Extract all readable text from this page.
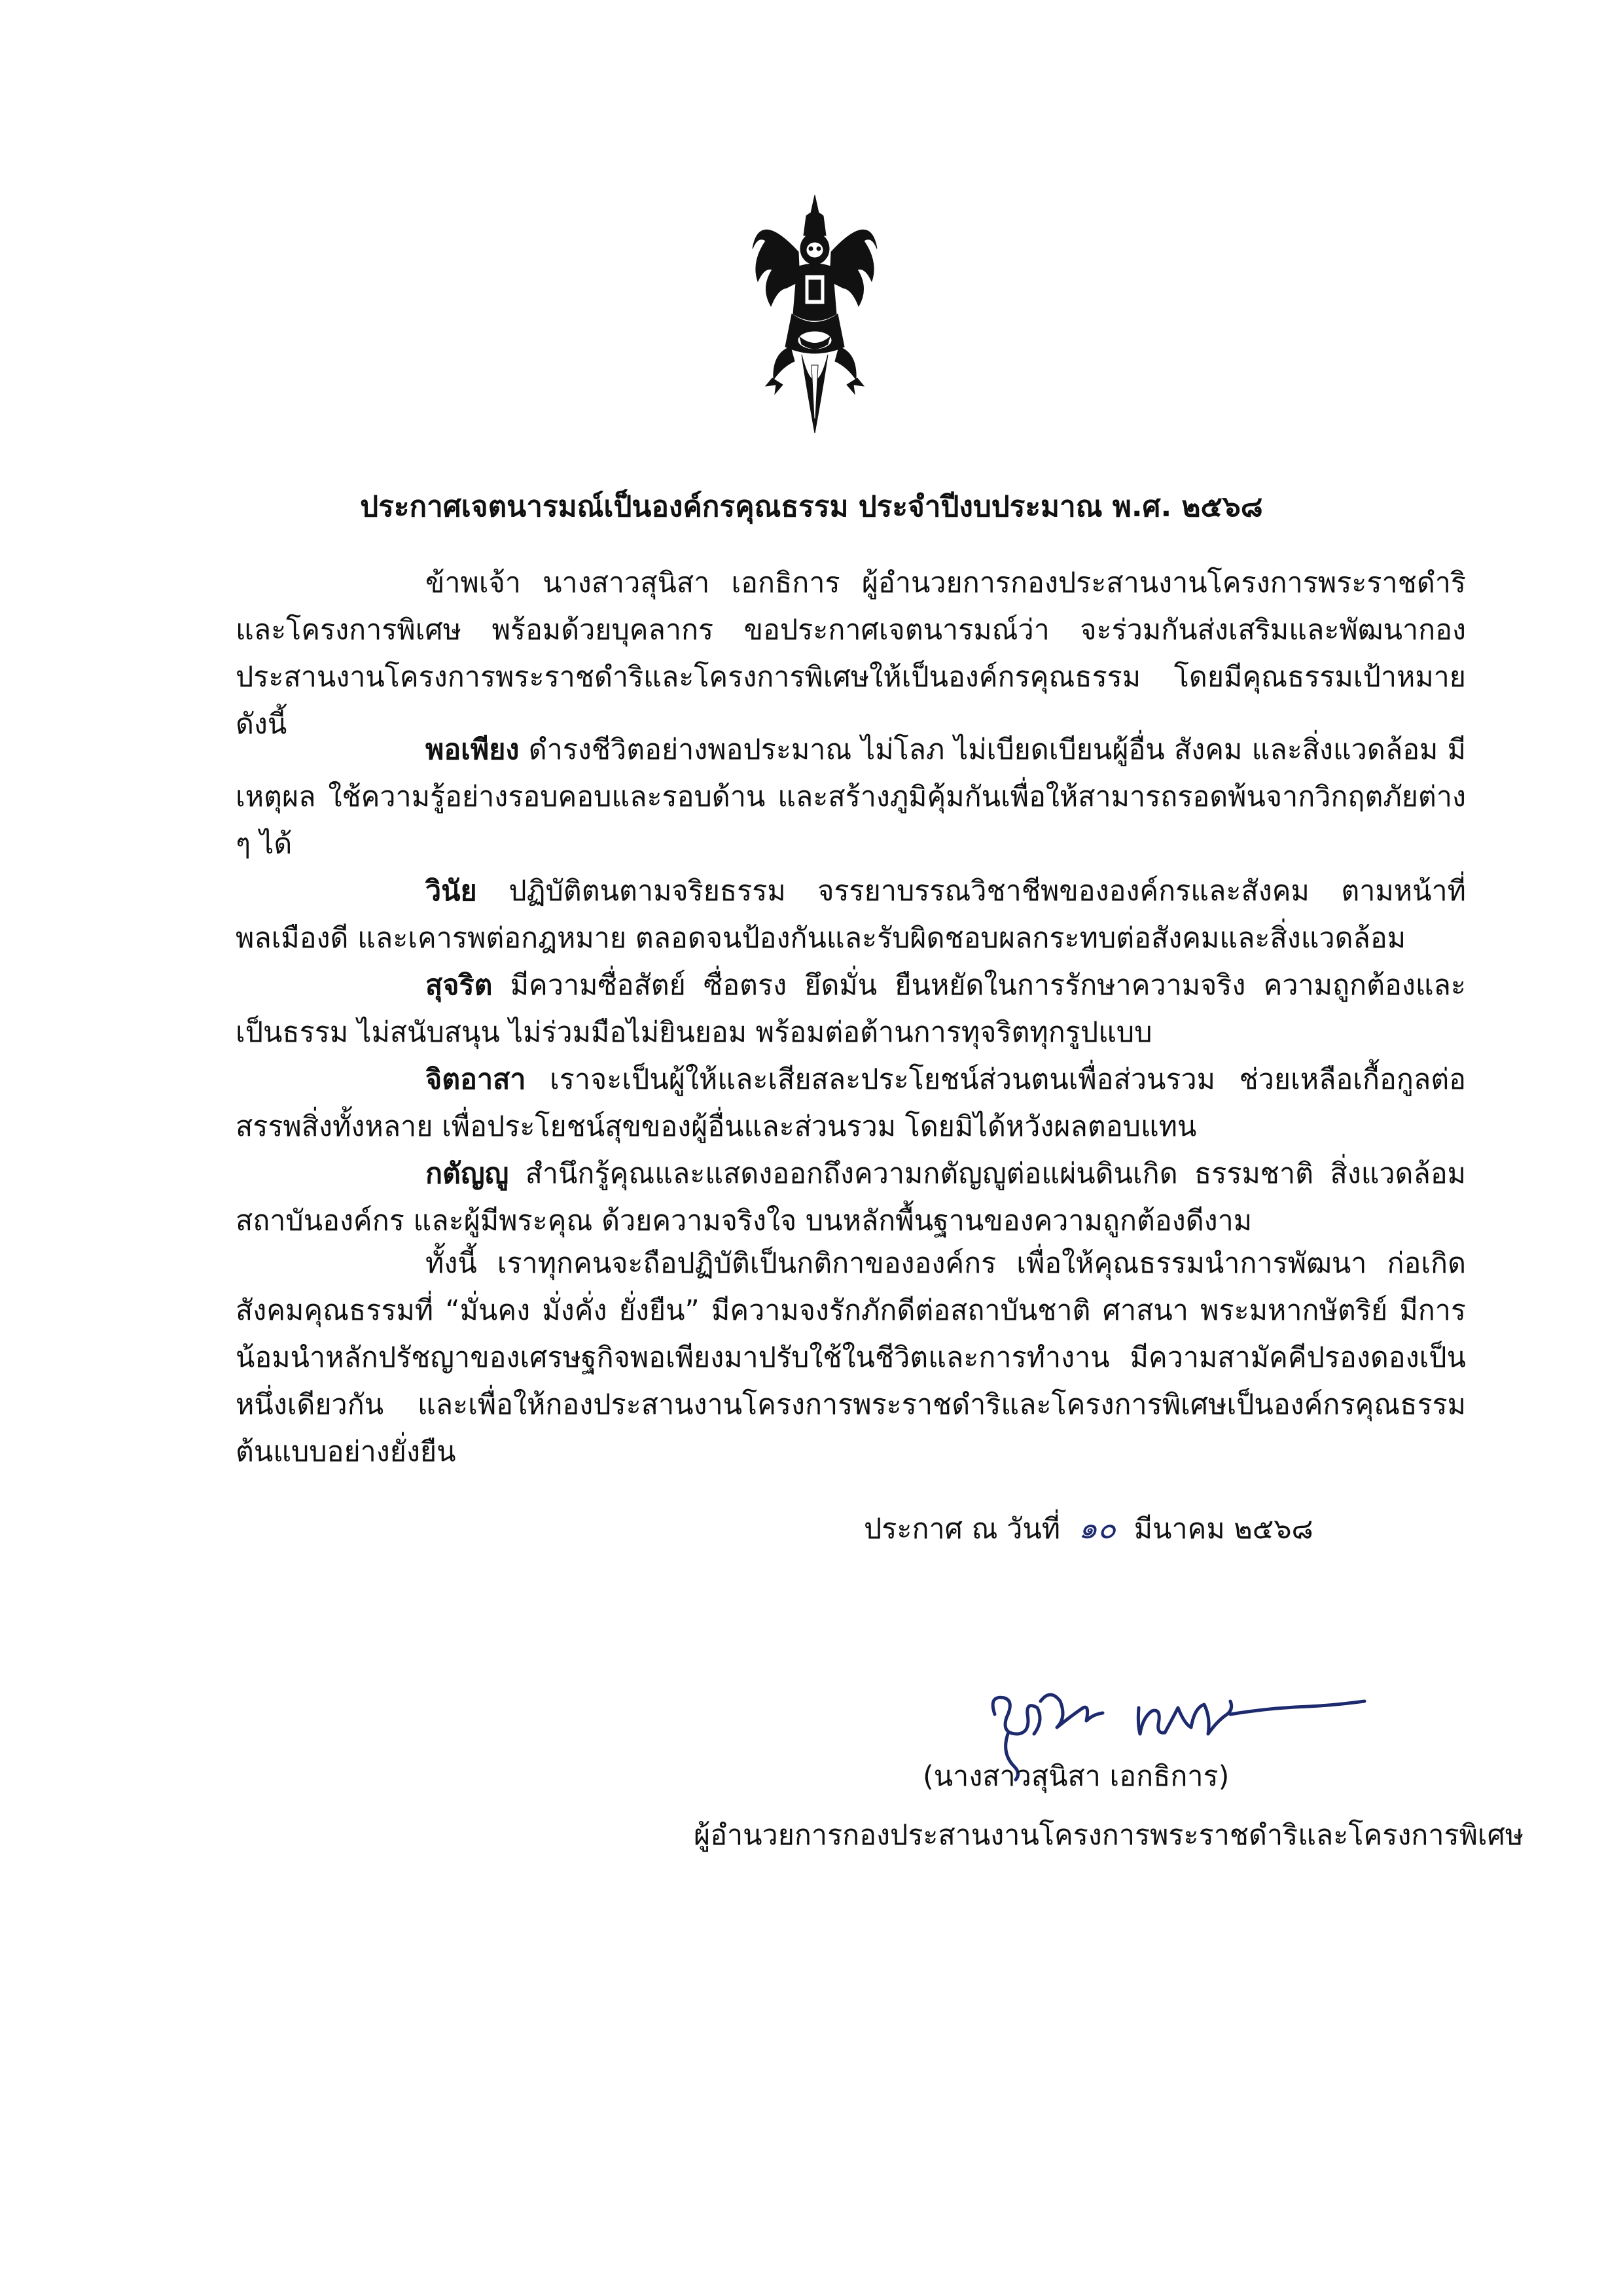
ประกาศเจตนารมณ์เป็นองค์กรคุณธรรม ประจำปีงบประมาณ พ.ศ. ๒๕๖๘

ข้าพเจ้า นางสาวสุนิสา เอกธิการ ผู้อำนวยการกองประสานงานโครงการพระราชดำริและโครงการพิเศษ พร้อมด้วยบุคลากร ขอประกาศเจตนารมณ์ว่า จะร่วมกันส่งเสริมและพัฒนากองประสานงานโครงการพระราชดำริและโครงการพิเศษให้เป็นองค์กรคุณธรรม โดยมีคุณธรรมเป้าหมาย ดังนี้

พอเพียง ดำรงชีวิตอย่างพอประมาณ ไม่โลภ ไม่เบียดเบียนผู้อื่น สังคม และสิ่งแวดล้อม มีเหตุผล ใช้ความรู้อย่างรอบคอบและรอบด้าน และสร้างภูมิคุ้มกันเพื่อให้สามารถรอดพ้นจากวิกฤตภัยต่าง ๆ ได้

วินัย ปฏิบัติตนตามจริยธรรม จรรยาบรรณวิชาชีพขององค์กรและสังคม ตามหน้าที่พลเมืองดี และเคารพต่อกฎหมาย ตลอดจนป้องกันและรับผิดชอบผลกระทบต่อสังคมและสิ่งแวดล้อม

สุจริต มีความซื่อสัตย์ ซื่อตรง ยึดมั่น ยืนหยัดในการรักษาความจริง ความถูกต้องและเป็นธรรม ไม่สนับสนุน ไม่ร่วมมือไม่ยินยอม พร้อมต่อต้านการทุจริตทุกรูปแบบ

จิตอาสา เราจะเป็นผู้ให้และเสียสละประโยชน์ส่วนตนเพื่อส่วนรวม ช่วยเหลือเกื้อกูลต่อสรรพสิ่งทั้งหลาย เพื่อประโยชน์สุขของผู้อื่นและส่วนรวม โดยมิได้หวังผลตอบแทน

กตัญญู สำนึกรู้คุณและแสดงออกถึงความกตัญญูต่อแผ่นดินเกิด ธรรมชาติ สิ่งแวดล้อม สถาบันองค์กร และผู้มีพระคุณ ด้วยความจริงใจ บนหลักพื้นฐานของความถูกต้องดีงาม

ทั้งนี้ เราทุกคนจะถือปฏิบัติเป็นกติกาขององค์กร เพื่อให้คุณธรรมนำการพัฒนา ก่อเกิดสังคมคุณธรรมที่ “มั่นคง มั่งคั่ง ยั่งยืน” มีความจงรักภักดีต่อสถาบันชาติ ศาสนา พระมหากษัตริย์ มีการน้อมนำหลักปรัชญาของเศรษฐกิจพอเพียงมาปรับใช้ในชีวิตและการทำงาน มีความสามัคคีปรองดองเป็นหนึ่งเดียวกัน และเพื่อให้กองประสานงานโครงการพระราชดำริและโครงการพิเศษเป็นองค์กรคุณธรรมต้นแบบอย่างยั่งยืน

ประกาศ ณ วันที่ ๑๐ มีนาคม ๒๕๖๘
(นางสาวสุนิสา เอกธิการ)
ผู้อำนวยการกองประสานงานโครงการพระราชดำริและโครงการพิเศษ
